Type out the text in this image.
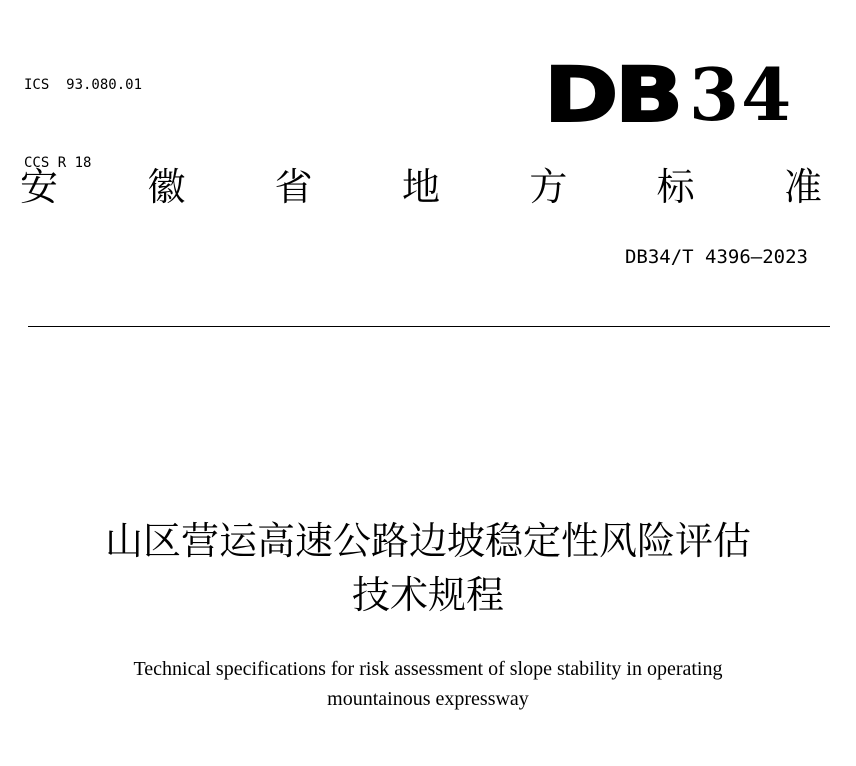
ICS  93.080.01

CCS R 18

DB 34
安 徽 省 地 方 标 准
DB34/T 4396—2023
山区营运高速公路边坡稳定性风险评估
技术规程
Technical specifications for risk assessment of slope stability in operating
mountainous expressway
